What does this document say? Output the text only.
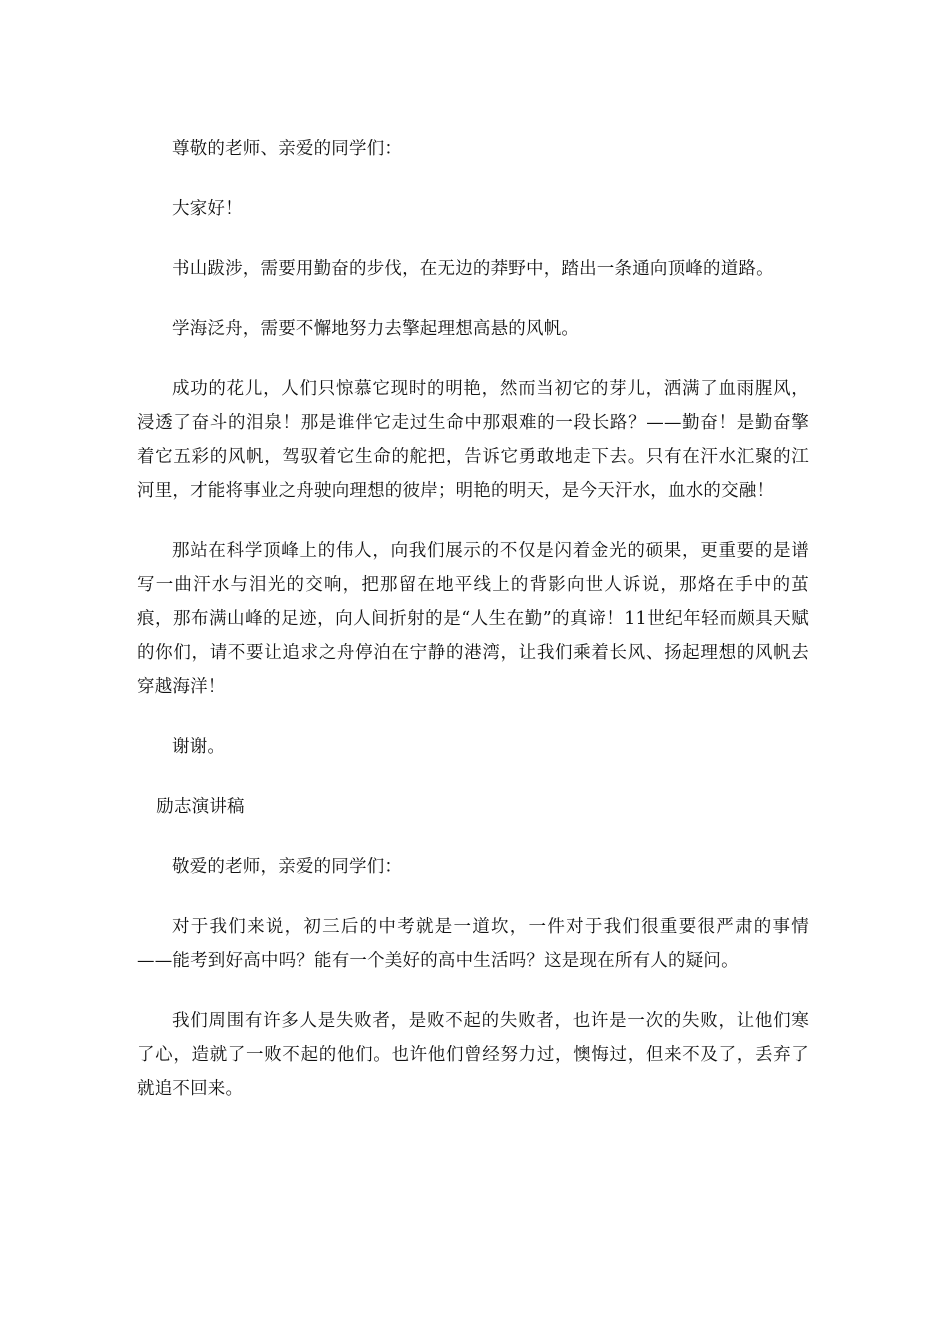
尊敬的老师、亲爱的同学们：

大家好！

书山跋涉，需要用勤奋的步伐，在无边的莽野中，踏出一条通向顶峰的道路。

学海泛舟，需要不懈地努力去擎起理想高悬的风帆。

成功的花儿，人们只惊慕它现时的明艳，然而当初它的芽儿，洒满了血雨腥风，浸透了奋斗的泪泉！那是谁伴它走过生命中那艰难的一段长路？——勤奋！是勤奋擎着它五彩的风帆，驾驭着它生命的舵把，告诉它勇敢地走下去。只有在汗水汇聚的江河里，才能将事业之舟驶向理想的彼岸；明艳的明天，是今天汗水，血水的交融！

那站在科学顶峰上的伟人，向我们展示的不仅是闪着金光的硕果，更重要的是谱写一曲汗水与泪光的交响，把那留在地平线上的背影向世人诉说，那烙在手中的茧痕，那布满山峰的足迹，向人间折射的是“人生在勤”的真谛！11世纪年轻而颇具天赋的你们，请不要让追求之舟停泊在宁静的港湾，让我们乘着长风、扬起理想的风帆去穿越海洋！

谢谢。

励志演讲稿

敬爱的老师，亲爱的同学们：

对于我们来说，初三后的中考就是一道坎，一件对于我们很重要很严肃的事情——能考到好高中吗？能有一个美好的高中生活吗？这是现在所有人的疑问。

我们周围有许多人是失败者，是败不起的失败者，也许是一次的失败，让他们寒了心，造就了一败不起的他们。也许他们曾经努力过，懊悔过，但来不及了，丢弃了就追不回来。
